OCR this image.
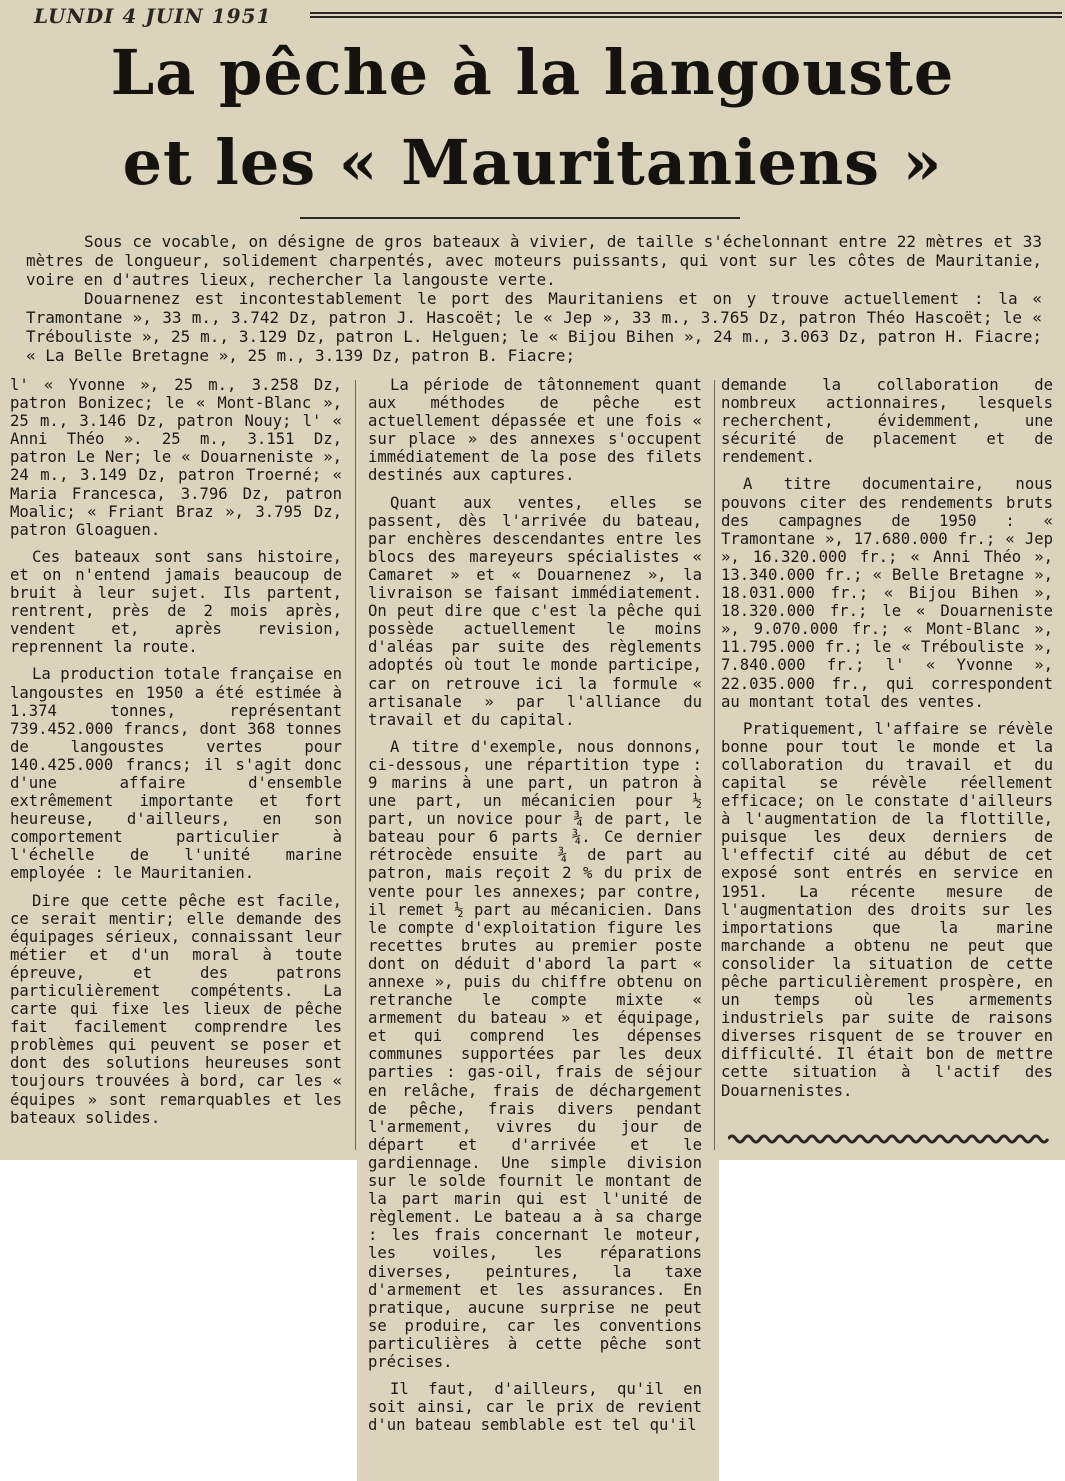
LUNDI 4 JUIN 1951
La pêche à la langouste
et les « Mauritaniens »

Sous ce vocable, on désigne de gros bateaux à vivier, de taille s'échelonnant entre 22 mètres et 33 mètres de longueur, solidement charpentés, avec moteurs puissants, qui vont sur les côtes de Mauritanie, voire en d'autres lieux, rechercher la langouste verte.

Douarnenez est incontestablement le port des Mauritaniens et on y trouve actuellement : la « Tramontane », 33 m., 3.742 Dz, patron J. Hascoët; le « Jep », 33 m., 3.765 Dz, patron Théo Hascoët; le « Trébouliste », 25 m., 3.129 Dz, patron L. Helguen; le « Bijou Bihen », 24 m., 3.063 Dz, patron H. Fiacre; « La Belle Bretagne », 25 m., 3.139 Dz, patron B. Fiacre;

l' « Yvonne », 25 m., 3.258 Dz, patron Bonizec; le « Mont-Blanc », 25 m., 3.146 Dz, patron Nouy; l' « Anni Théo ». 25 m., 3.151 Dz, patron Le Ner; le « Douarneniste », 24 m., 3.149 Dz, patron Troerné; « Maria Francesca, 3.796 Dz, patron Moalic; « Friant Braz », 3.795 Dz, patron Gloaguen.

Ces bateaux sont sans histoire, et on n'entend jamais beaucoup de bruit à leur sujet. Ils partent, rentrent, près de 2 mois après, vendent et, après revision, reprennent la route.

La production totale française en langoustes en 1950 a été estimée à 1.374 tonnes, représentant 739.452.000 francs, dont 368 tonnes de langoustes vertes pour 140.425.000 francs; il s'agit donc d'une affaire d'ensemble extrêmement importante et fort heureuse, d'ailleurs, en son comportement particulier à l'échelle de l'unité marine employée : le Mauritanien.

Dire que cette pêche est facile, ce serait mentir; elle demande des équipages sérieux, connaissant leur métier et d'un moral à toute épreuve, et des patrons particulièrement compétents. La carte qui fixe les lieux de pêche fait facilement comprendre les problèmes qui peuvent se poser et dont des solutions heureuses sont toujours trouvées à bord, car les « équipes » sont remarquables et les bateaux solides.

La période de tâtonnement quant aux méthodes de pêche est actuellement dépassée et une fois « sur place » des annexes s'occupent immédiatement de la pose des filets destinés aux captures.

Quant aux ventes, elles se passent, dès l'arrivée du bateau, par enchères descendantes entre les blocs des mareyeurs spécialistes « Camaret » et « Douarnenez », la livraison se faisant immédiatement. On peut dire que c'est la pêche qui possède actuellement le moins d'aléas par suite des règlements adoptés où tout le monde participe, car on retrouve ici la formule « artisanale » par l'alliance du travail et du capital.

A titre d'exemple, nous donnons, ci-dessous, une répartition type : 9 marins à une part, un patron à une part, un mécanicien pour ½ part, un novice pour ¾ de part, le bateau pour 6 parts ¾. Ce dernier rétrocède ensuite ¾ de part au patron, mais reçoit 2 % du prix de vente pour les annexes; par contre, il remet ½ part au mécanicien. Dans le compte d'exploitation figure les recettes brutes au premier poste dont on déduit d'abord la part « annexe », puis du chiffre obtenu on retranche le compte mixte « armement du bateau » et équipage, et qui comprend les dépenses communes supportées par les deux parties : gas-oil, frais de séjour en relâche, frais de déchargement de pêche, frais divers pendant l'armement, vivres du jour de départ et d'arrivée et le gardiennage. Une simple division sur le solde fournit le montant de la part marin qui est l'unité de règlement. Le bateau a à sa charge : les frais concernant le moteur, les voiles, les réparations diverses, peintures, la taxe d'armement et les assurances. En pratique, aucune surprise ne peut se produire, car les conventions particulières à cette pêche sont précises.

Il faut, d'ailleurs, qu'il en soit ainsi, car le prix de revient d'un bateau semblable est tel qu'il

demande la collaboration de nombreux actionnaires, lesquels recherchent, évidemment, une sécurité de placement et de rendement.

A titre documentaire, nous pouvons citer des rendements bruts des campagnes de 1950 : « Tramontane », 17.680.000 fr.; « Jep », 16.320.000 fr.; « Anni Théo », 13.340.000 fr.; « Belle Bretagne », 18.031.000 fr.; « Bijou Bihen », 18.320.000 fr.; le « Douarneniste », 9.070.000 fr.; « Mont-Blanc », 11.795.000 fr.; le « Trébouliste », 7.840.000 fr.; l' « Yvonne », 22.035.000 fr., qui correspondent au montant total des ventes.

Pratiquement, l'affaire se révèle bonne pour tout le monde et la collaboration du travail et du capital se révèle réellement efficace; on le constate d'ailleurs à l'augmentation de la flottille, puisque les deux derniers de l'effectif cité au début de cet exposé sont entrés en service en 1951. La récente mesure de l'augmentation des droits sur les importations que la marine marchande a obtenu ne peut que consolider la situation de cette pêche particulièrement prospère, en un temps où les armements industriels par suite de raisons diverses risquent de se trouver en difficulté. Il était bon de mettre cette situation à l'actif des Douarnenistes.
